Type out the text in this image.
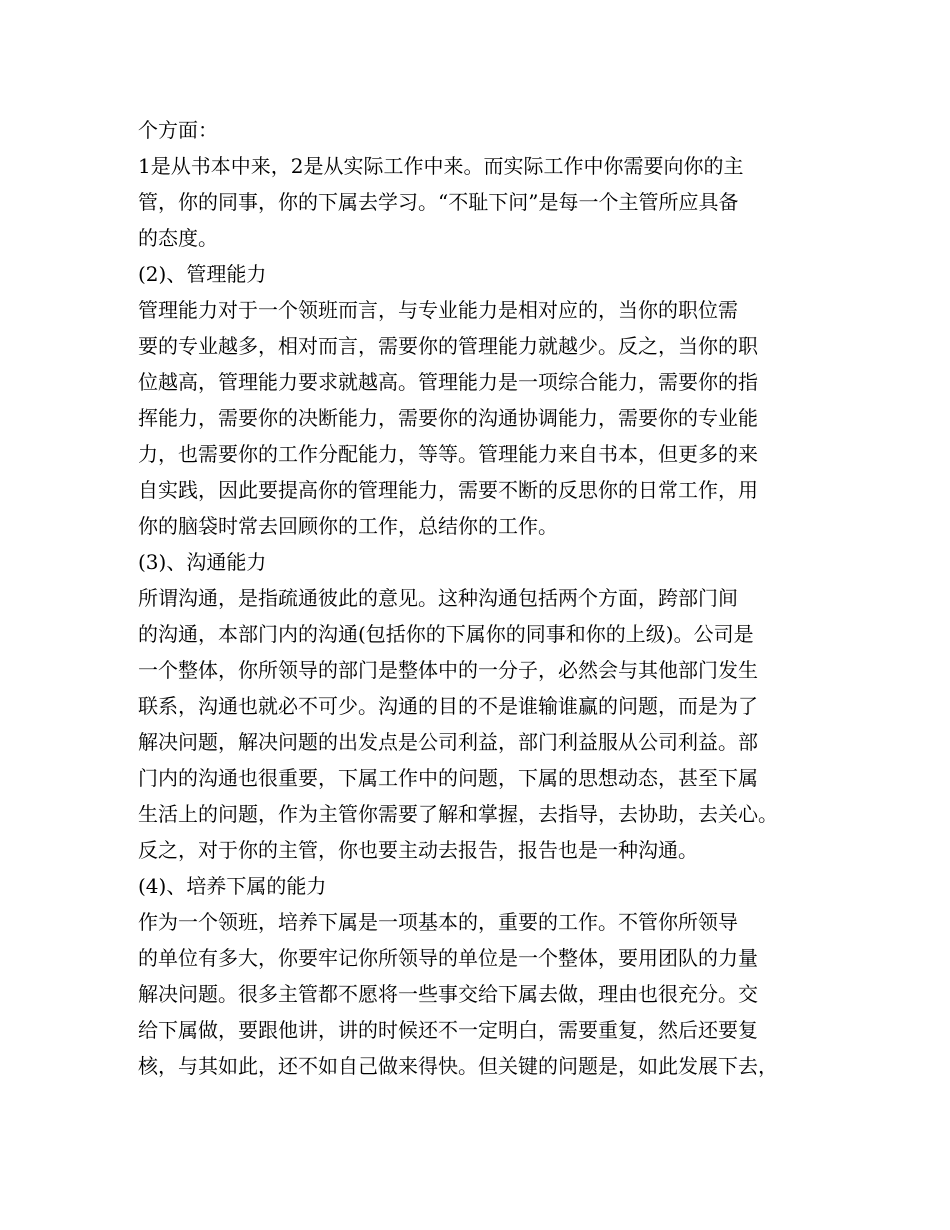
个方面：
1是从书本中来，2是从实际工作中来。而实际工作中你需要向你的主
管，你的同事，你的下属去学习。“不耻下问”是每一个主管所应具备
的态度。
(2)、管理能力
管理能力对于一个领班而言，与专业能力是相对应的，当你的职位需
要的专业越多，相对而言，需要你的管理能力就越少。反之，当你的职
位越高，管理能力要求就越高。管理能力是一项综合能力，需要你的指
挥能力，需要你的决断能力，需要你的沟通协调能力，需要你的专业能
力，也需要你的工作分配能力，等等。管理能力来自书本，但更多的来
自实践，因此要提高你的管理能力，需要不断的反思你的日常工作，用
你的脑袋时常去回顾你的工作，总结你的工作。
(3)、沟通能力
所谓沟通，是指疏通彼此的意见。这种沟通包括两个方面，跨部门间
的沟通，本部门内的沟通(包括你的下属你的同事和你的上级)。公司是
一个整体，你所领导的部门是整体中的一分子，必然会与其他部门发生
联系，沟通也就必不可少。沟通的目的不是谁输谁赢的问题，而是为了
解决问题，解决问题的出发点是公司利益，部门利益服从公司利益。部
门内的沟通也很重要，下属工作中的问题，下属的思想动态，甚至下属
生活上的问题，作为主管你需要了解和掌握，去指导，去协助，去关心。
反之，对于你的主管，你也要主动去报告，报告也是一种沟通。
(4)、培养下属的能力
作为一个领班，培养下属是一项基本的，重要的工作。不管你所领导
的单位有多大，你要牢记你所领导的单位是一个整体，要用团队的力量
解决问题。很多主管都不愿将一些事交给下属去做，理由也很充分。交
给下属做，要跟他讲，讲的时候还不一定明白，需要重复，然后还要复
核，与其如此，还不如自己做来得快。但关键的问题是，如此发展下去，
